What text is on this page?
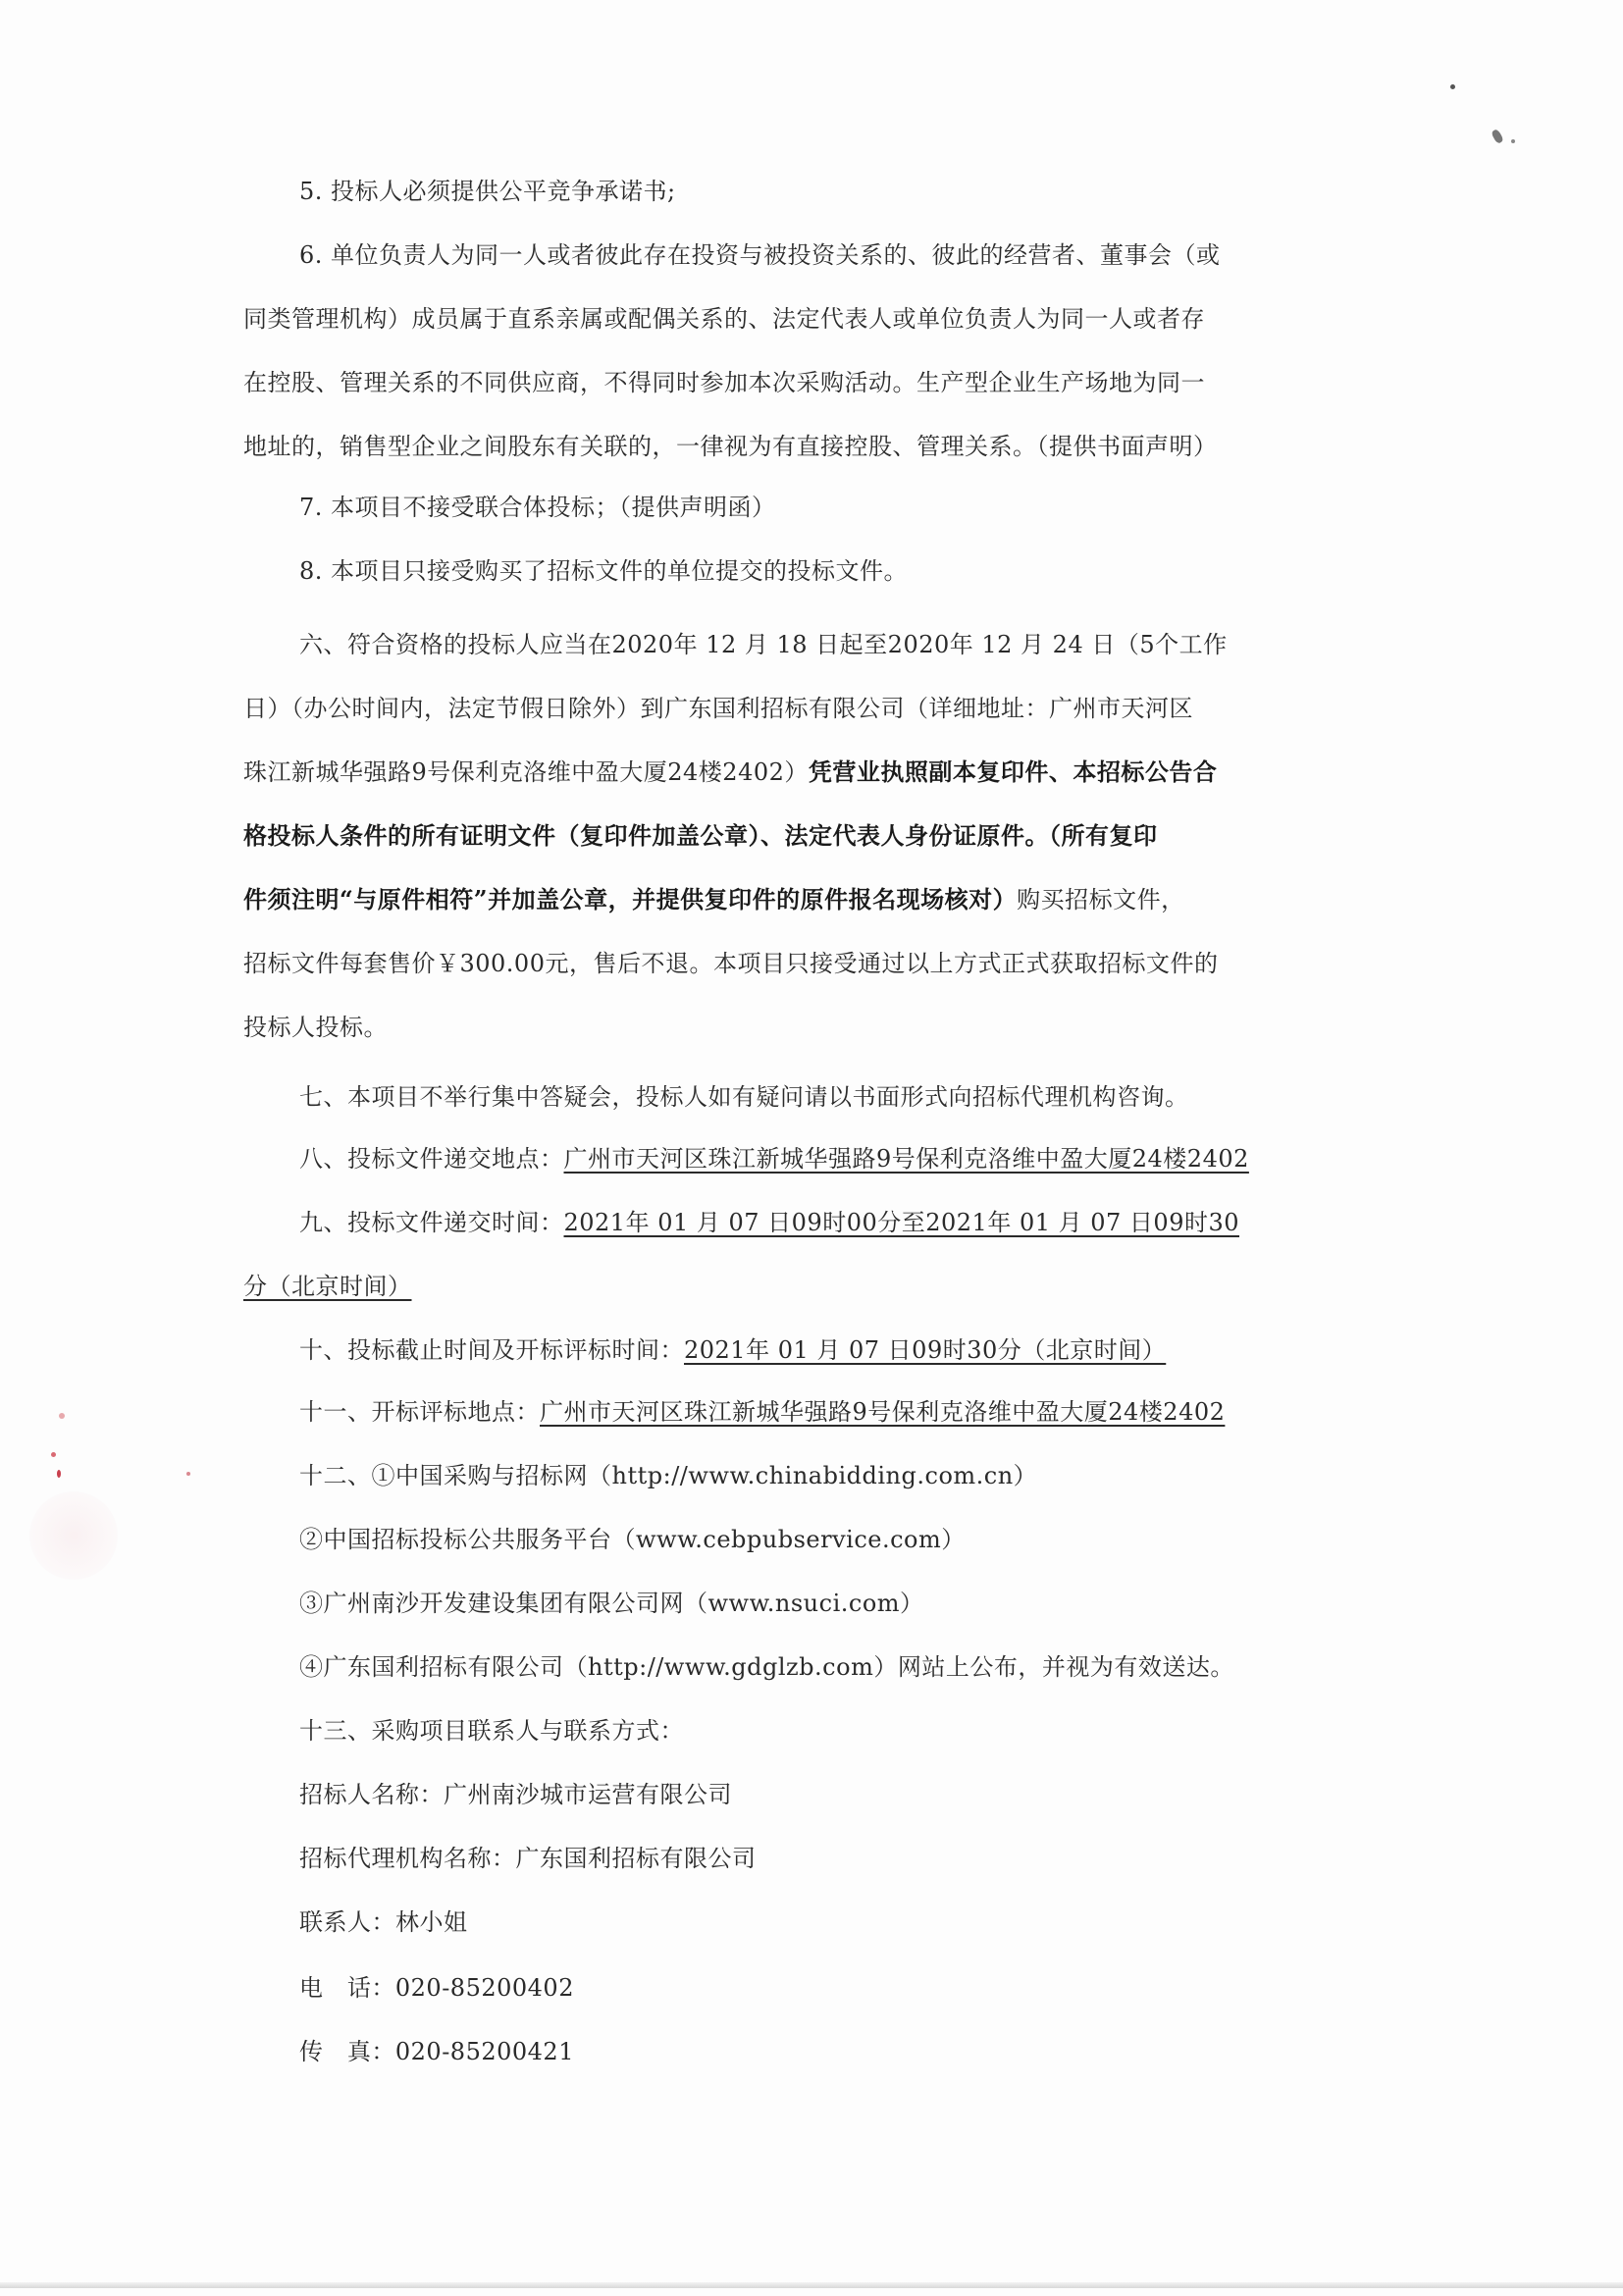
5. 投标人必须提供公平竞争承诺书;
6. 单位负责人为同一人或者彼此存在投资与被投资关系的、彼此的经营者、董事会（或
同类管理机构）成员属于直系亲属或配偶关系的、法定代表人或单位负责人为同一人或者存
在控股、管理关系的不同供应商，不得同时参加本次采购活动。生产型企业生产场地为同一
地址的，销售型企业之间股东有关联的，一律视为有直接控股、管理关系。（提供书面声明）
7. 本项目不接受联合体投标；（提供声明函）
8. 本项目只接受购买了招标文件的单位提交的投标文件。
六、符合资格的投标人应当在2020年 12 月 18 日起至2020年 12 月 24 日（5个工作
日）（办公时间内，法定节假日除外）到广东国利招标有限公司（详细地址：广州市天河区
珠江新城华强路9号保利克洛维中盈大厦24楼2402）凭营业执照副本复印件、本招标公告合
格投标人条件的所有证明文件（复印件加盖公章）、法定代表人身份证原件。（所有复印
件须注明“与原件相符”并加盖公章，并提供复印件的原件报名现场核对）购买招标文件，
招标文件每套售价￥300.00元，售后不退。本项目只接受通过以上方式正式获取招标文件的
投标人投标。
七、本项目不举行集中答疑会，投标人如有疑问请以书面形式向招标代理机构咨询。
八、投标文件递交地点：广州市天河区珠江新城华强路9号保利克洛维中盈大厦24楼2402
九、投标文件递交时间：2021年 01 月 07 日09时00分至2021年 01 月 07 日09时30
分（北京时间）
十、投标截止时间及开标评标时间：2021年 01 月 07 日09时30分（北京时间）
十一、开标评标地点：广州市天河区珠江新城华强路9号保利克洛维中盈大厦24楼2402
十二、①中国采购与招标网（http://www.chinabidding.com.cn）
②中国招标投标公共服务平台（www.cebpubservice.com）
③广州南沙开发建设集团有限公司网（www.nsuci.com）
④广东国利招标有限公司（http://www.gdglzb.com）网站上公布，并视为有效送达。
十三、采购项目联系人与联系方式：
招标人名称：广州南沙城市运营有限公司
招标代理机构名称：广东国利招标有限公司
联系人：林小姐
电   话：020-85200402
传   真：020-85200421
